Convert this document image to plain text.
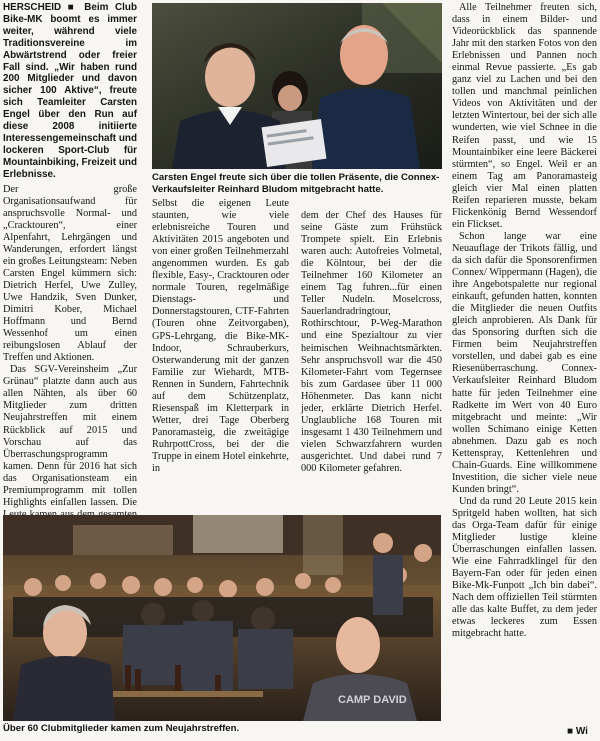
HERSCHEID ■ Beim Club Bike-MK boomt es immer weiter, während viele Traditionsvereine im Abwärtstrend oder freier Fall sind. „Wir haben rund 200 Mitglieder und davon sicher 100 Aktive“, freute sich Teamleiter Carsten Engel über den Run auf diese 2008 initiierte Interessengemeinschaft und lockeren Sport-Club für Mountainbiking, Freizeit und Erlebnisse.

Der große Organisationsaufwand für anspruchsvolle Normal- und „Cracktouren“, einer Alpenfahrt, Lehrgängen und Wanderungen, erfordert längst ein großes Leitungsteam: Neben Carsten Engel kümmern sich: Dietrich Herfel, Uwe Zulley, Uwe Handzik, Sven Dunker, Dimitri Kober, Michael Hoffmann und Bernd Wessenhof um einen reibungslosen Ablauf der Treffen und Aktionen.

Das SGV-Vereinsheim „Zur Grünau“ platzte dann auch aus allen Nähten, als über 60 Mitglieder zum dritten Neujahrstreffen mit einem Rückblick auf 2015 und Vorschau auf das Überraschungsprogramm kamen. Denn für 2016 hat sich das Organisationsteam ein Premiumprogramm mit tollen Highlights einfallen lassen. Die

Carsten Engel freute sich über die tollen Präsente, die Connex-Verkaufsleiter Reinhard Bludom mitgebracht hatte.

Selbst die eigenen Leute staunten, wie viele erlebnisreiche Touren und Aktivitäten 2015 angeboten und von einer großen Teilnehmerzahl angenommen wurden. Es gab flexible, Easy-, Cracktouren oder normale Touren, regelmäßige Dienstags- und Donnerstagstouren, CTF-Fahrten (Touren ohne Zeitvorgaben), GPS-Lehrgang, die Bike-MK-Indoor, Schrauberkurs, Osterwanderung mit der ganzen Familie zur Wiehardt, MTB-Rennen in Sundern, Fahrtechnik auf dem Schützenplatz, Riesenspaß im Kletterpark in Wetter, drei Tage Oberberg Panoramasteig, die zweitägige RuhrpottCross, bei der die Truppe in einem Hotel einkehrte, in

dem der Chef des Hauses für seine Gäste zum Frühstück Trompete spielt. Ein Erlebnis waren auch: Autofreies Volmetal, die Kölntour, bei der die Teilnehmer 160 Kilometer an einem Tag fuhren...für einen Teller Nudeln. Moselcross, Sauerlandradringtour, Rothirschtour, P-Weg-Marathon und eine Spezialtour zu vier heimischen Weihnachtsmärkten. Sehr anspruchsvoll war die 450 Kilometer-Fahrt vom Tegernsee bis zum Gardasee über 11 000 Höhenmeter. Das kann nicht jeder, erklärte Dietrich Herfel. Unglaubliche 168 Touren mit insgesamt 1 430 Teilnehmern und vielen Schwarzfahrern wurden ausgerichtet. Und dabei rund 7 000 Kilometer gefahren.

Alle Teilnehmer freuten sich, dass in einem Bilder- und Videorückblick das spannende Jahr mit den starken Fotos von den Erlebnissen und Pannen noch einmal Revue passierte. „Es gab ganz viel zu Lachen und bei den tollen und manchmal peinlichen Videos von Aktivitäten und der letzten Wintertour, bei der sich alle wunderten, wie viel Schnee in die Reifen passt, und wie 15 Mountainbiker eine leere Bäckerei stürmten“, so Engel. Weil er an einem Tag am Panoramasteig gleich vier Mal einen platten Reifen reparieren musste, bekam Flickenkönig Bernd Wessendorf ein Flickset.

Schon lange war eine Neuauflage der Trikots fällig, und da sich dafür die Sponsorenfirmen Connex/ Wippermann (Hagen), die ihre Angebotspalette nur regional einkauft, gefunden hatten, konnten die Mitglieder die neuen Outfits gleich anprobieren. Als Dank für das Sponsoring durften sich die Firmen beim Neujahrstreffen vorstellen, und dabei gab es eine Riesenüberraschung. Connex-Verkaufsleiter Reinhard Bludom hatte für jeden Teilnehmer eine Radkette im Wert von 40 Euro mitgebracht und meinte: „Wir wollen Schimano einige Ketten abnehmen. Dazu gab es noch Kettenspray, Kettenlehren und Chain-Guards. Eine willkommene Investition, die sicher viele neue Kunden bringt“.

Und da rund 20 Leute 2015 kein Spritgeld haben wollten, hat sich das Orga-Team dafür für einige Mitglieder lustige kleine Überraschungen einfallen lassen. Wie eine Fahrradklingel für den Bayern-Fan oder für jeden einen Bike-Mk-Funpott „Ich bin dabei“. Nach dem offiziellen Teil stürmten alle das kalte Buffet, zu dem jeder etwas leckeres zum Essen mitgebracht hatte.

■ Wi
CAMP DAVID
Über 60 Clubmitglieder kamen zum Neujahrstreffen.
